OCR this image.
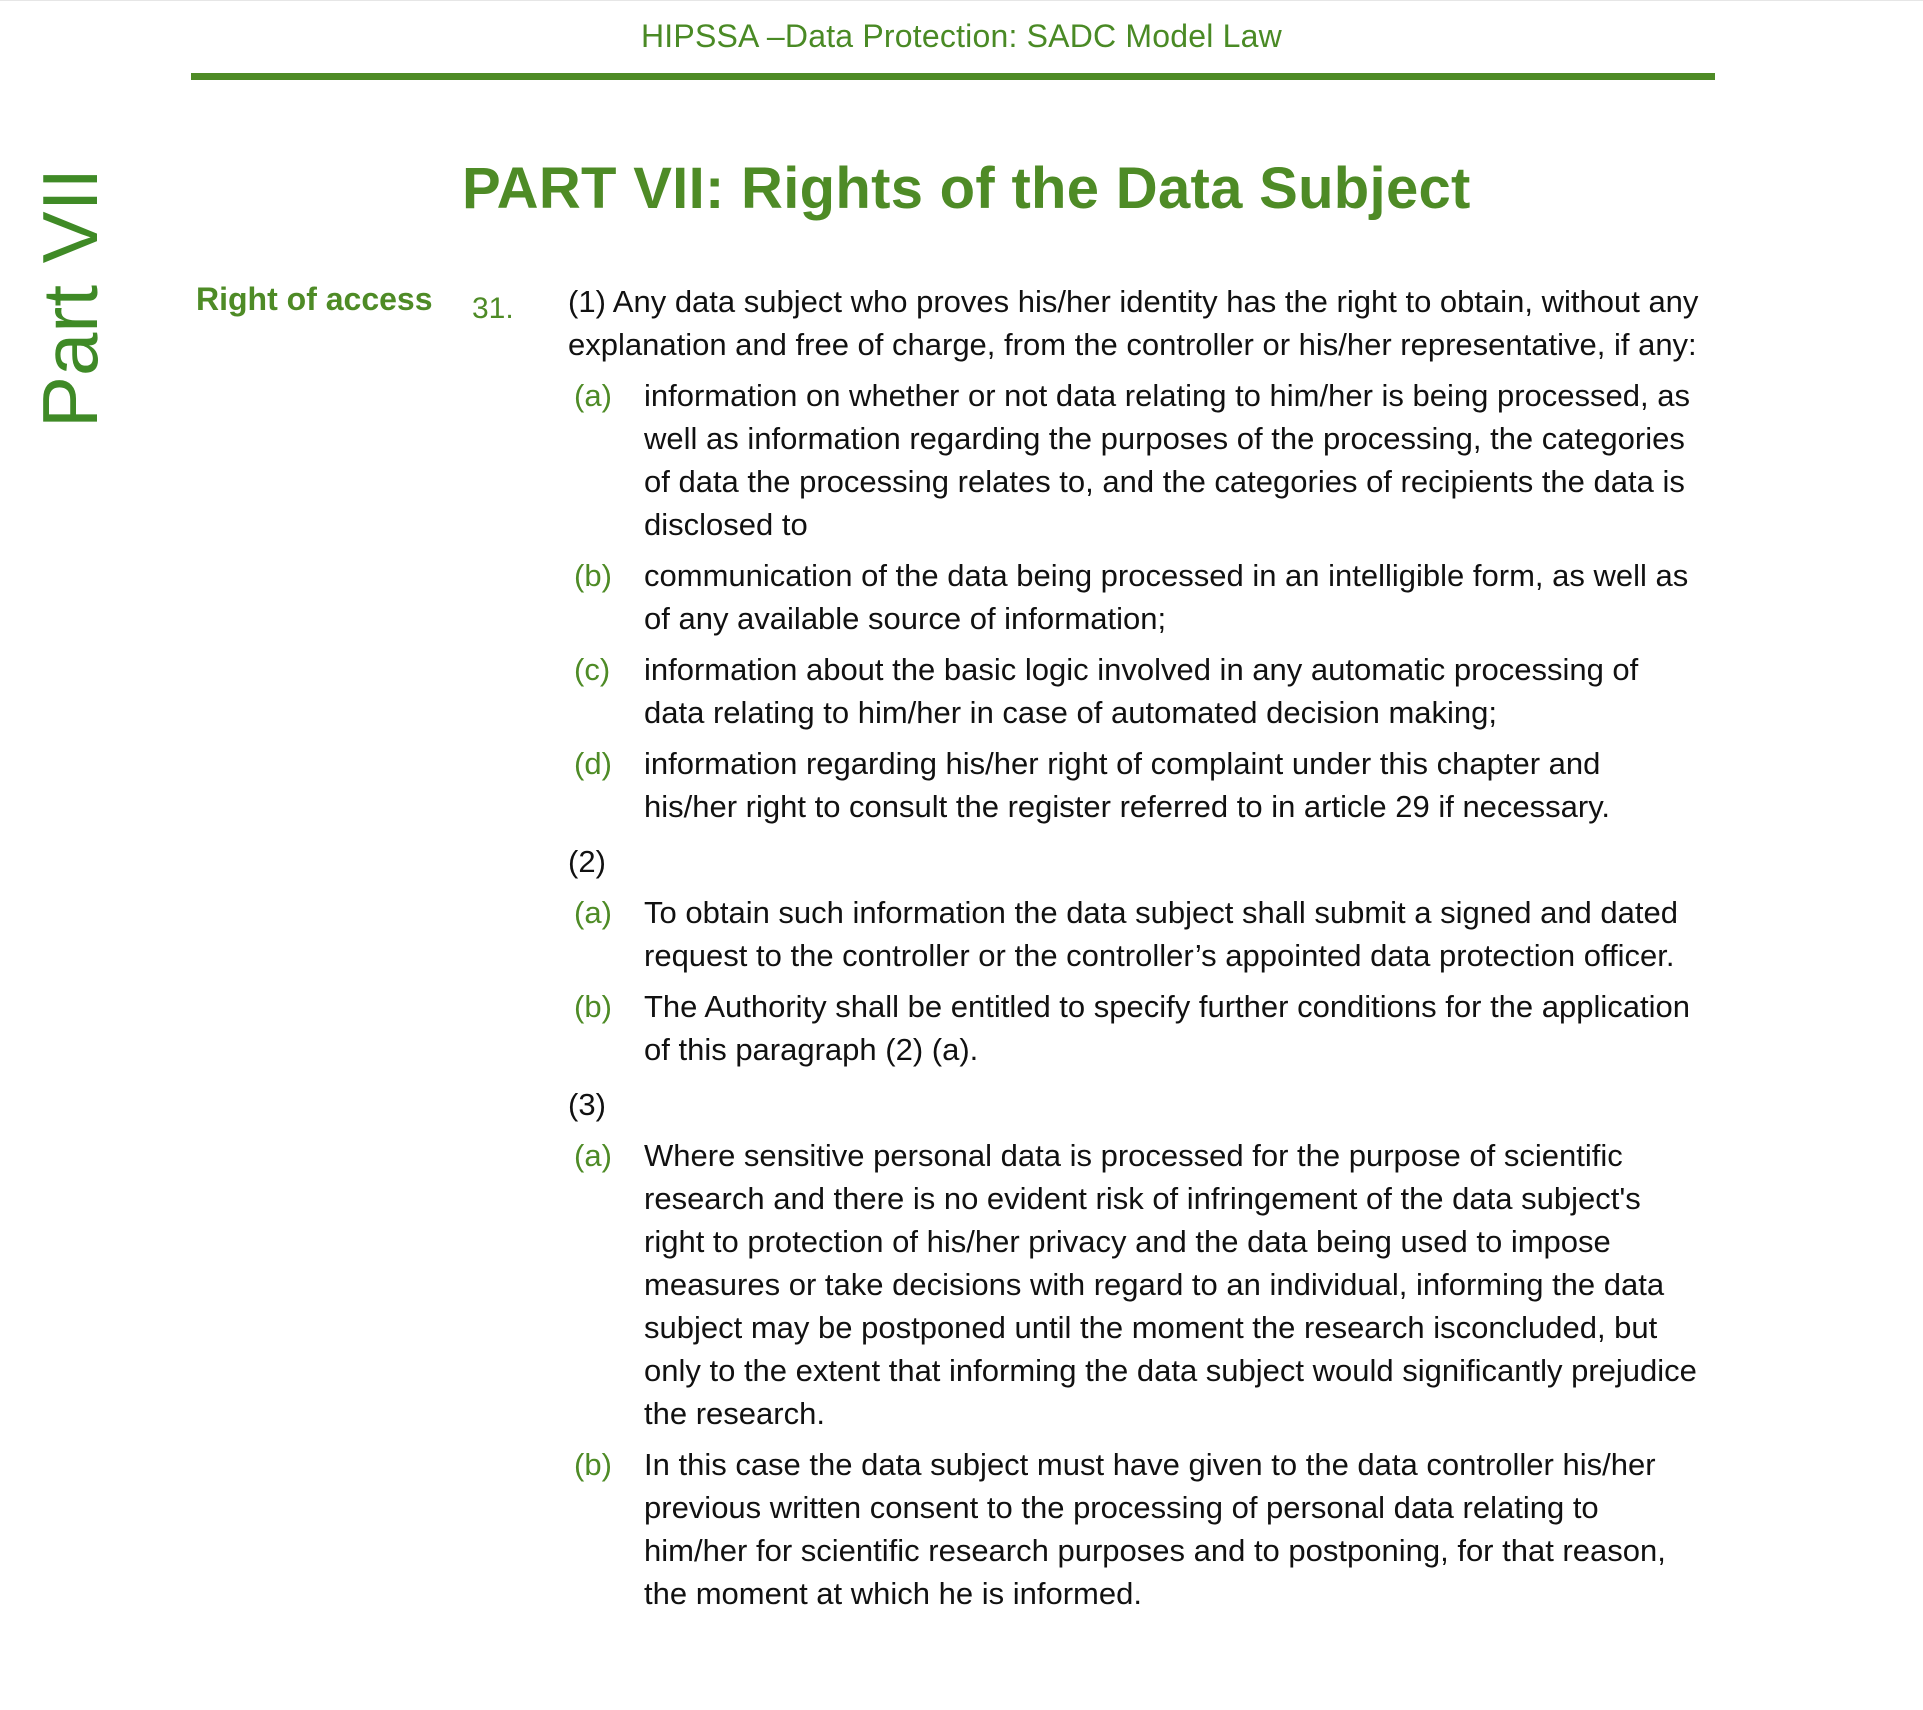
HIPSSA –Data Protection: SADC Model Law
Part VII	PART VII: Rights of the Data Subject
Right of access 31. (1) Any data subject who proves his/her identity has the right to obtain, without any explanation and free of charge, from the controller or his/her representative, if any:

(a)	information on whether or not data relating to him/her is being processed, as well as information regarding the purposes of the processing, the categories of data the processing relates to, and the categories of recipients the data is disclosed to
(b)	communication of the data being processed in an intelligible form, as well as of any available source of information;
(c)	information about the basic logic involved in any automatic processing of data relating to him/her in case of automated decision making;
(d)	information regarding his/her right of complaint under this chapter and his/her right to consult the register referred to in article 29 if necessary.

(2)

(a)	To obtain such information the data subject shall submit a signed and dated request to the controller or the controller’s appointed data protection officer.
(b)	The Authority shall be entitled to specify further conditions for the application of this paragraph (2) (a).

(3)

(a)	Where sensitive personal data is processed for the purpose of scientific research and there is no evident risk of infringement of the data subject's right to protection of his/her privacy and the data being used to impose measures or take decisions with regard to an individual, informing the data subject may be postponed until the moment the research isconcluded, but only to the extent that informing the data subject would significantly prejudice the research.
(b)	In this case the data subject must have given to the data controller his/her previous written consent to the processing of personal data relating to him/her for scientific research purposes and to postponing, for that reason, the moment at which he is informed.
